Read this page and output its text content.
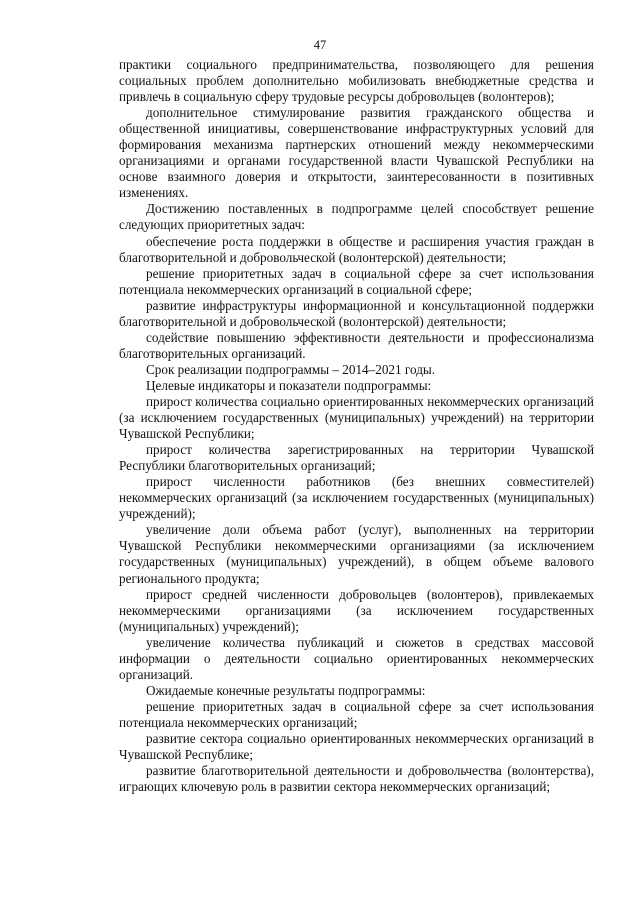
47

практики социального предпринимательства, позволяющего для решения социальных проблем дополнительно мобилизовать внебюджетные средства и привлечь в социальную сферу трудовые ресурсы добровольцев (волонтеров);

дополнительное стимулирование развития гражданского общества и общественной инициативы, совершенствование инфраструктурных условий для формирования механизма партнерских отношений между некоммерческими организациями и органами государственной власти Чувашской Республики на основе взаимного доверия и открытости, заинтересованности в позитивных изменениях.

Достижению поставленных в подпрограмме целей способствует решение следующих приоритетных задач:

обеспечение роста поддержки в обществе и расширения участия граждан в благотворительной и добровольческой (волонтерской) деятельности;

решение приоритетных задач в социальной сфере за счет использования потенциала некоммерческих организаций в социальной сфере;

развитие инфраструктуры информационной и консультационной поддержки благотворительной и добровольческой (волонтерской) деятельности;

содействие повышению эффективности деятельности и профессионализма благотворительных организаций.

Срок реализации подпрограммы – 2014–2021 годы.

Целевые индикаторы и показатели подпрограммы:

прирост количества социально ориентированных некоммерческих организаций (за исключением государственных (муниципальных) учреждений) на территории Чувашской Республики;

прирост количества зарегистрированных на территории Чувашской Республики благотворительных организаций;

прирост численности работников (без внешних совместителей) некоммерческих организаций (за исключением государственных (муниципальных) учреждений);

увеличение доли объема работ (услуг), выполненных на территории Чувашской Республики некоммерческими организациями (за исключением государственных (муниципальных) учреждений), в общем объеме валового регионального продукта;

прирост средней численности добровольцев (волонтеров), привлекаемых некоммерческими организациями (за исключением государственных (муниципальных) учреждений);

увеличение количества публикаций и сюжетов в средствах массовой информации о деятельности социально ориентированных некоммерческих организаций.

Ожидаемые конечные результаты подпрограммы:

решение приоритетных задач в социальной сфере за счет использования потенциала некоммерческих организаций;

развитие сектора социально ориентированных некоммерческих организаций в Чувашской Республике;

развитие благотворительной деятельности и добровольчества (волонтерства), играющих ключевую роль в развитии сектора некоммерческих организаций;
